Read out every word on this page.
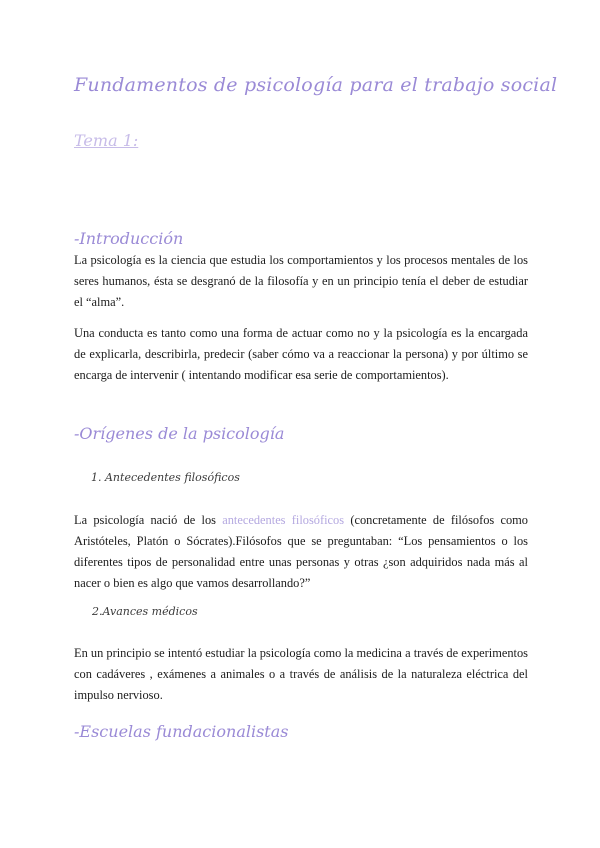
Fundamentos de psicología para el trabajo social
Tema 1:
-Introducción

La psicología es la ciencia que estudia los comportamientos y los procesos mentales de los seres humanos, ésta se desgranó de la filosofía y en un principio tenía el deber de estudiar el “alma”.

Una conducta es tanto como una forma de actuar como no y la psicología es la encargada de explicarla, describirla, predecir (saber cómo va a reaccionar la persona) y por último se encarga de intervenir ( intentando modificar esa serie de comportamientos).

-Orígenes de la psicología
1. Antecedentes filosóficos

La psicología nació de los antecedentes filosóficos (concretamente de filósofos como Aristóteles, Platón o Sócrates).Filósofos que se preguntaban: “Los pensamientos o los diferentes tipos de personalidad entre unas personas y otras ¿son adquiridos nada más al nacer o bien es algo que vamos desarrollando?”

2.Avances médicos

En un principio se intentó estudiar la psicología como la medicina a través de experimentos con cadáveres , exámenes a animales o a través de análisis de la naturaleza eléctrica del impulso nervioso.

-Escuelas fundacionalistas
